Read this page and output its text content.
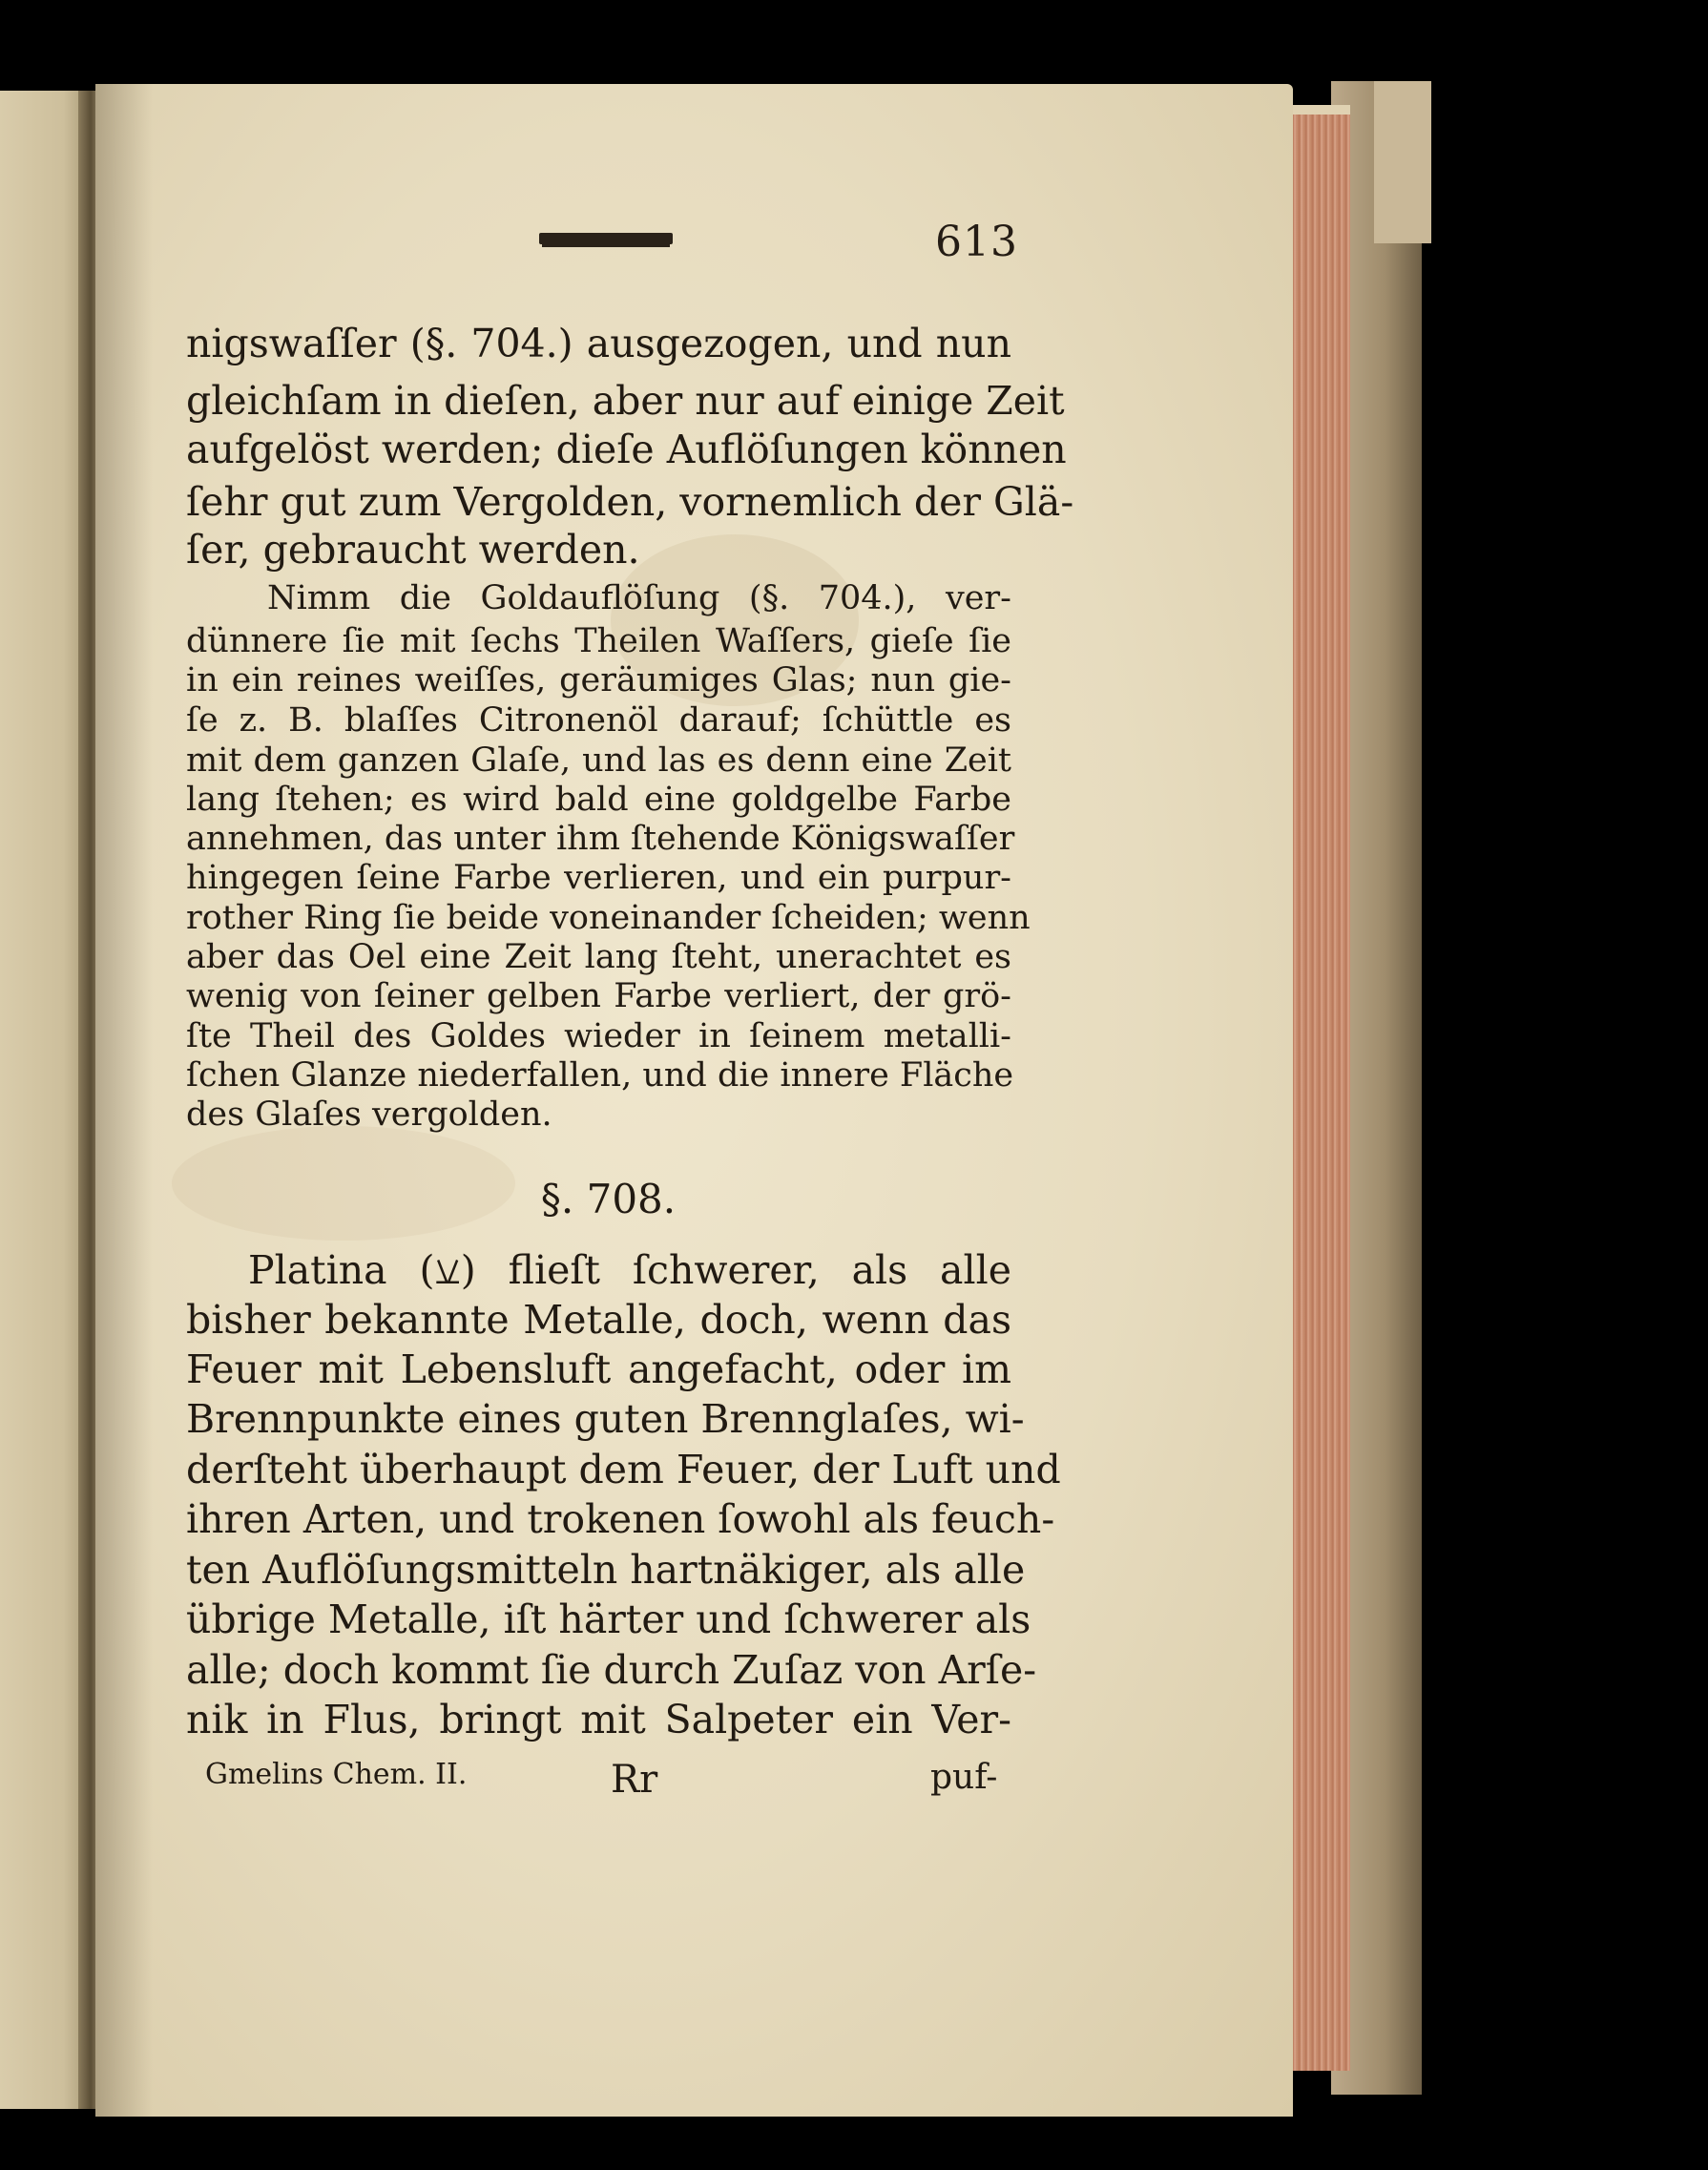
613
nigswaſſer (§. 704.) ausgezogen, und nun
gleichſam in dieſen, aber nur auf einige Zeit
aufgelöst werden; dieſe Auflöſungen können
ſehr gut zum Vergolden, vornemlich der Glä-
ſer, gebraucht werden.
Nimm die Goldauflöſung (§. 704.), ver-
dünnere ſie mit ſechs Theilen Waſſers, gieſe ſie
in ein reines weiſſes, geräumiges Glas; nun gie-
ſe z. B. blaſſes Citronenöl darauf; ſchüttle es
mit dem ganzen Glaſe, und las es denn eine Zeit
lang ſtehen; es wird bald eine goldgelbe Farbe
annehmen, das unter ihm ſtehende Königswaſſer
hingegen ſeine Farbe verlieren, und ein purpur-
rother Ring ſie beide voneinander ſcheiden; wenn
aber das Oel eine Zeit lang ſteht, unerachtet es
wenig von ſeiner gelben Farbe verliert, der grö-
ſte Theil des Goldes wieder in ſeinem metalli-
ſchen Glanze niederfallen, und die innere Fläche
des Glaſes vergolden.
§. 708.
Platina (⚺) flieſt ſchwerer, als alle
bisher bekannte Metalle, doch, wenn das
Feuer mit Lebensluft angefacht, oder im
Brennpunkte eines guten Brennglaſes, wi-
derſteht überhaupt dem Feuer, der Luft und
ihren Arten, und trokenen ſowohl als feuch-
ten Auflöſungsmitteln hartnäkiger, als alle
übrige Metalle, iſt härter und ſchwerer als
alle; doch kommt ſie durch Zuſaz von Arſe-
nik in Flus, bringt mit Salpeter ein Ver-
Gmelins Chem. II.	Rr	puf-
